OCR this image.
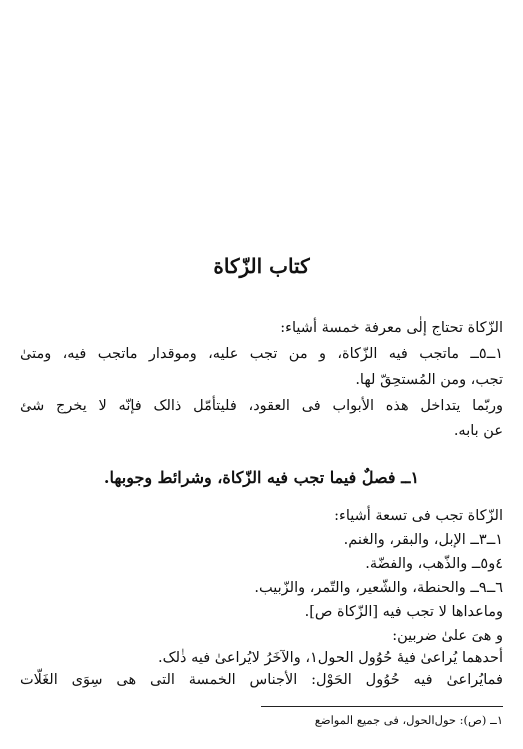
كتاب الزّكاة
الزّكاة تحتاج إلٰى معرفة خمسة أشياء:
١ــ٥ــ ماتجب فيه الزّكاة، و من تجب عليه، وموقدار ماتجب فيه، ومتىٰ
تجب، ومن المُستحِقّ لها.
وربّما يتداخل هذه الأبواب فى العقود، فليتأمّل ذالک فإنّه لا يخرج شئ
عن بابه.
١ــ فصلٌ فيما تجب فيه الزّكاة، وشرائط وجوبها.
الزّكاة تجب فى تسعة أشياء:
١ــ٣ــ الإبل، والبقر، والغنم.
٤و٥ــ والذّهب، والفضّة.
٦ــ٩ــ والحنطة، والشّعير، والتّمر، والزّبيب.
وماعداها لا تجب فيه [الزّكاة ص].
و هیَ علىٰ ضربين:
أحدهما يُراعىٰ فيهٔ حُوُول الحول١، والآخَرُ لايُراعىٰ فيه ذٰلک.
فمايُراعىٰ فيه حُوُول الحَوْل: الأجناس الخمسة التى هى سِوَى الغَلّات
١ــ (ص): حول‌الحول، فى جميع المواضع
